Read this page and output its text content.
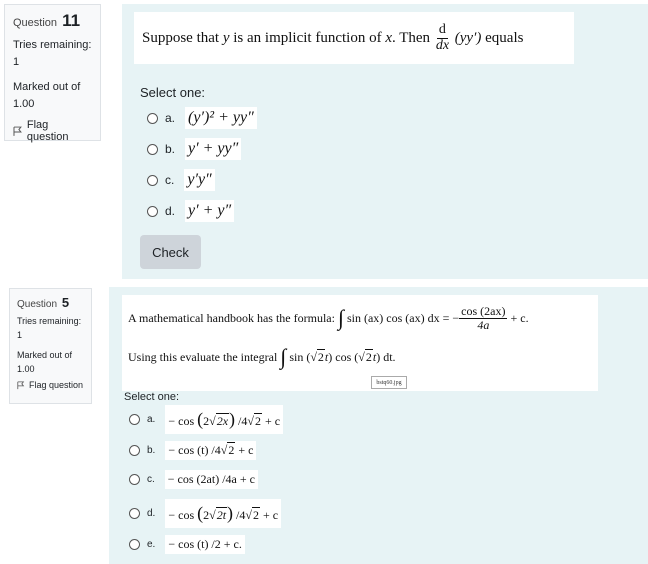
Question 11
Tries remaining:
1
Marked out of
1.00
Flag question
Suppose that
y
is an implicit function of
x . Then
$\frac{d}{dx}$
(yy′)
equals
Select one:
a. (y′)² + yy″
b. y′ + yy″
c. y′y″
d. y′ + y″
Check
Question 5
Tries remaining:
1
Marked out of
1.00
Flag question
A mathematical handbook has the formula:
∫
sin (ax) cos (ax) dx = − $\frac{\cos (2ax)}{4a}$
+ c.
Using this evaluate the integral
∫
sin ( √ 2 t ) cos ( √ 2 t ) dt.
bstq60.jpg
Select one:
a. − cos (2√2x) /4√2 + c
b. − cos (t) /4√2 + c
c. − cos (2at) /4a + c
d. − cos (2√2t) /4√2 + c
e. − cos (t) /2 + c.
